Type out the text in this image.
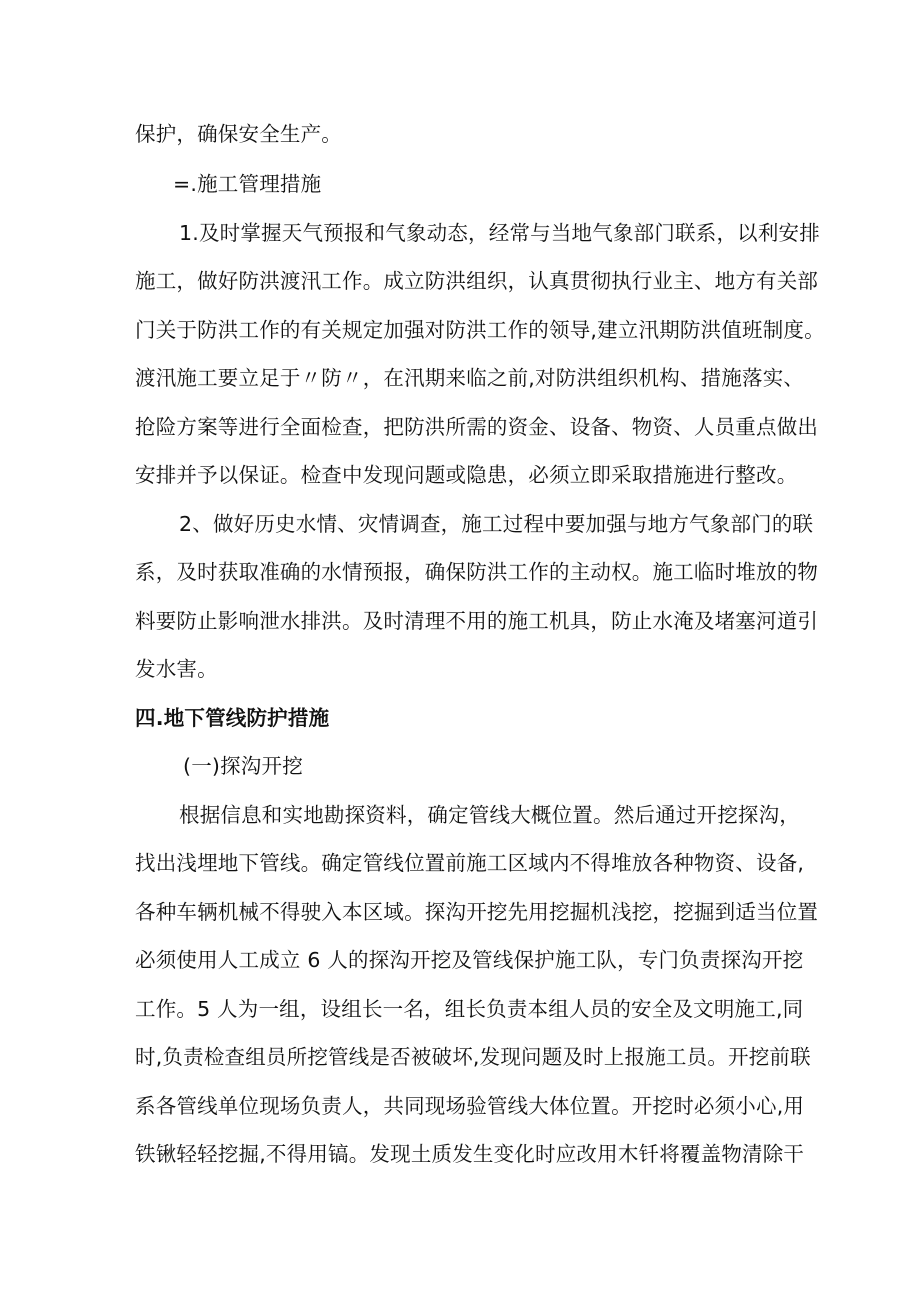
保护，确保安全生产。
=.施工管理措施
1.及时掌握天气预报和气象动态，经常与当地气象部门联系，以利安排
施工，做好防洪渡汛工作。成立防洪组织，认真贯彻执行业主、地方有关部
门关于防洪工作的有关规定加强对防洪工作的领导,建立汛期防洪值班制度。
渡汛施工要立足于〃防〃，在汛期来临之前,对防洪组织机构、措施落实、
抢险方案等进行全面检查，把防洪所需的资金、设备、物资、人员重点做出
安排并予以保证。检查中发现问题或隐患，必须立即采取措施进行整改。
2、做好历史水情、灾情调查，施工过程中要加强与地方气象部门的联
系，及时获取准确的水情预报，确保防洪工作的主动权。施工临时堆放的物
料要防止影响泄水排洪。及时清理不用的施工机具，防止水淹及堵塞河道引
发水害。
四.地下管线防护措施
(一)探沟开挖
根据信息和实地勘探资料，确定管线大概位置。然后通过开挖探沟，
找出浅埋地下管线。确定管线位置前施工区域内不得堆放各种物资、设备,
各种车辆机械不得驶入本区域。探沟开挖先用挖掘机浅挖，挖掘到适当位置
必须使用人工成立 6 人的探沟开挖及管线保护施工队，专门负责探沟开挖
工作。5 人为一组，设组长一名，组长负责本组人员的安全及文明施工,同
时,负责检查组员所挖管线是否被破坏,发现问题及时上报施工员。开挖前联
系各管线单位现场负责人，共同现场验管线大体位置。开挖时必须小心,用
铁锹轻轻挖掘,不得用镐。发现土质发生变化时应改用木钎将覆盖物清除干
